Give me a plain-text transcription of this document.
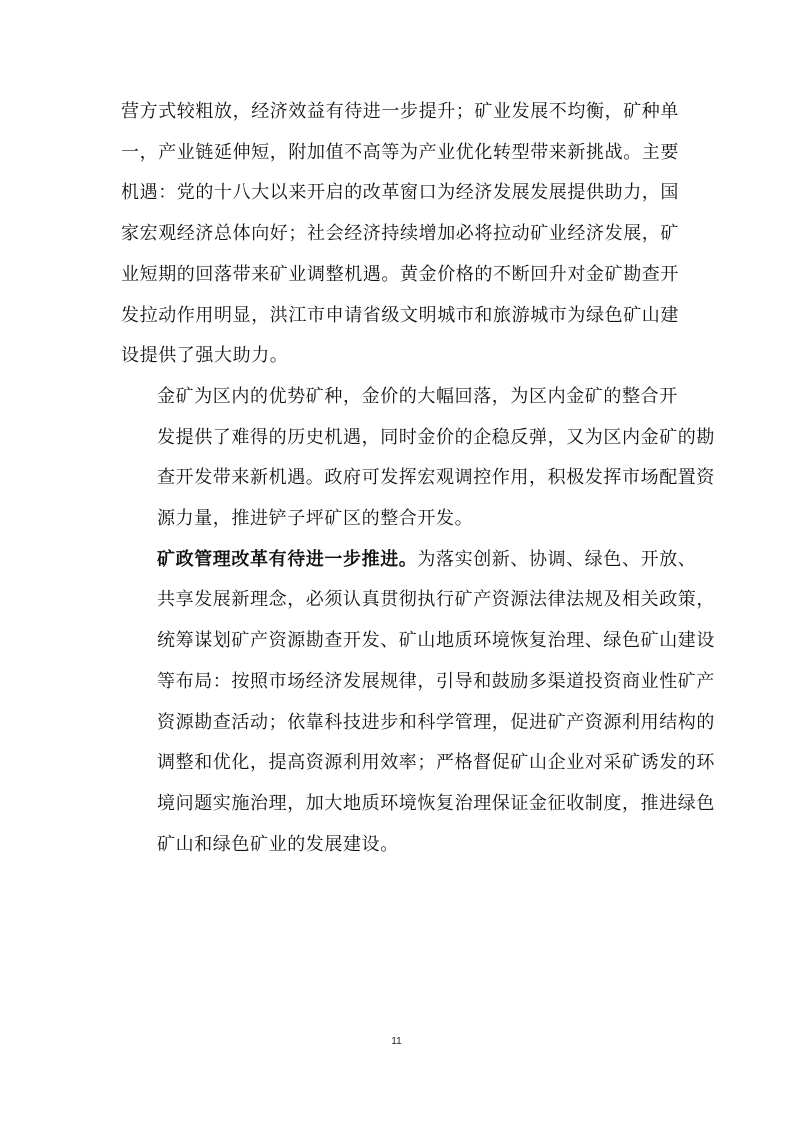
营方式较粗放，经济效益有待进一步提升；矿业发展不均衡，矿种单
一，产业链延伸短，附加值不高等为产业优化转型带来新挑战。主要
机遇：党的十八大以来开启的改革窗口为经济发展发展提供助力，国
家宏观经济总体向好；社会经济持续增加必将拉动矿业经济发展，矿
业短期的回落带来矿业调整机遇。黄金价格的不断回升对金矿勘查开
发拉动作用明显，洪江市申请省级文明城市和旅游城市为绿色矿山建
设提供了强大助力。

金矿为区内的优势矿种，金价的大幅回落，为区内金矿的整合开
发提供了难得的历史机遇，同时金价的企稳反弹，又为区内金矿的勘
查开发带来新机遇。政府可发挥宏观调控作用，积极发挥市场配置资
源力量，推进铲子坪矿区的整合开发。

矿政管理改革有待进一步推进。为落实创新、协调、绿色、开放、
共享发展新理念，必须认真贯彻执行矿产资源法律法规及相关政策，
统筹谋划矿产资源勘查开发、矿山地质环境恢复治理、绿色矿山建设
等布局：按照市场经济发展规律，引导和鼓励多渠道投资商业性矿产
资源勘查活动；依靠科技进步和科学管理，促进矿产资源利用结构的
调整和优化，提高资源利用效率；严格督促矿山企业对采矿诱发的环
境问题实施治理，加大地质环境恢复治理保证金征收制度，推进绿色
矿山和绿色矿业的发展建设。

11
